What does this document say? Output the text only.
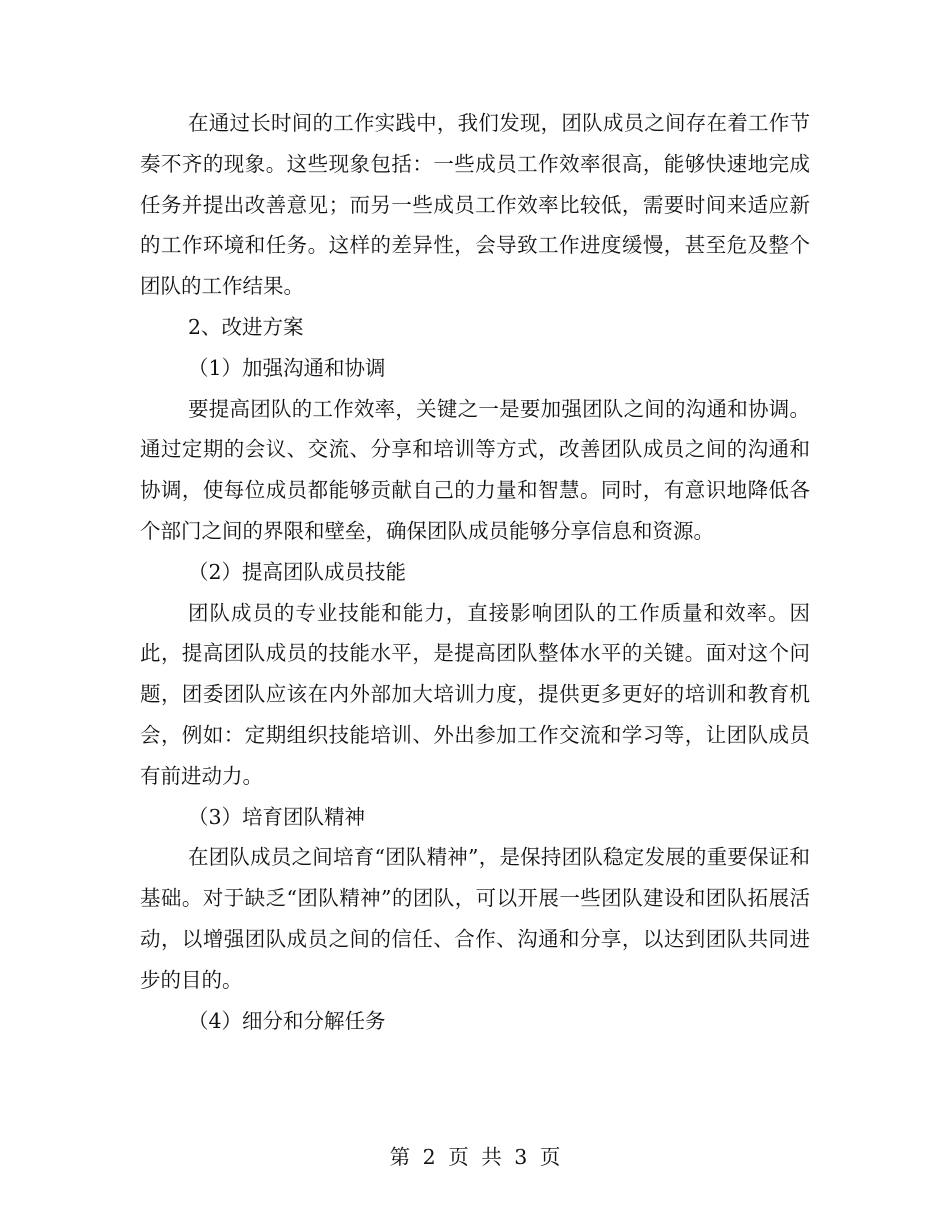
在通过长时间的工作实践中，我们发现，团队成员之间存在着工作节奏不齐的现象。这些现象包括：一些成员工作效率很高，能够快速地完成任务并提出改善意见；而另一些成员工作效率比较低，需要时间来适应新的工作环境和任务。这样的差异性，会导致工作进度缓慢，甚至危及整个团队的工作结果。

2、改进方案

（1）加强沟通和协调

要提高团队的工作效率，关键之一是要加强团队之间的沟通和协调。通过定期的会议、交流、分享和培训等方式，改善团队成员之间的沟通和协调，使每位成员都能够贡献自己的力量和智慧。同时，有意识地降低各个部门之间的界限和壁垒，确保团队成员能够分享信息和资源。

（2）提高团队成员技能

团队成员的专业技能和能力，直接影响团队的工作质量和效率。因此，提高团队成员的技能水平，是提高团队整体水平的关键。面对这个问题，团委团队应该在内外部加大培训力度，提供更多更好的培训和教育机会，例如：定期组织技能培训、外出参加工作交流和学习等，让团队成员有前进动力。

（3）培育团队精神

在团队成员之间培育“团队精神”，是保持团队稳定发展的重要保证和基础。对于缺乏“团队精神”的团队，可以开展一些团队建设和团队拓展活动，以增强团队成员之间的信任、合作、沟通和分享，以达到团队共同进步的目的。

（4）细分和分解任务

第 2 页 共 3 页
